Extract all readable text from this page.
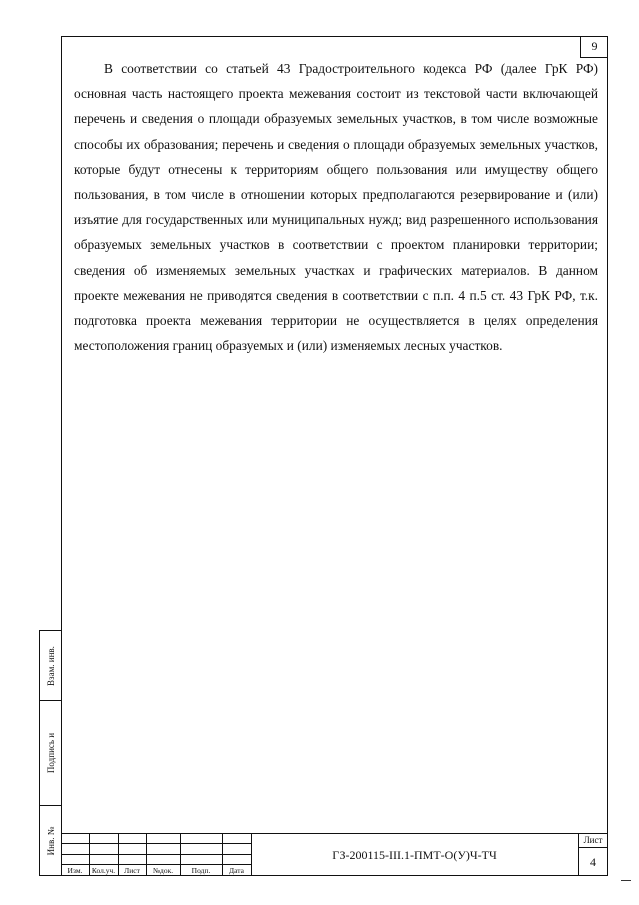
9

В соответствии со статьей 43 Градостроительного кодекса РФ (далее ГрК РФ) основная часть настоящего проекта межевания состоит из текстовой части включающей перечень и сведения о площади образуемых земельных участков, в том числе возможные способы их образования; перечень и сведения о площади образуемых земельных участков, которые будут отнесены к территориям общего пользования или имуществу общего пользования, в том числе в отношении которых предполагаются резервирование и (или) изъятие для государственных или муниципальных нужд; вид разрешенного использования образуемых земельных участков в соответствии с проектом планировки территории; сведения об изменяемых земельных участках и графических материалов. В данном проекте межевания не приводятся сведения в соответствии с п.п. 4 п.5 ст. 43 ГрК РФ, т.к. подготовка проекта межевания территории не осуществляется в целях определения местоположения границ образуемых и (или) изменяемых лесных участков.

Взам. инв.
Подпись и
Инв. №
Изм.	Кол.уч.	Лист	№док.	Подп.	Дата
ГЗ-200115-III.1-ПМТ-О(У)Ч-ТЧ
Лист
4
